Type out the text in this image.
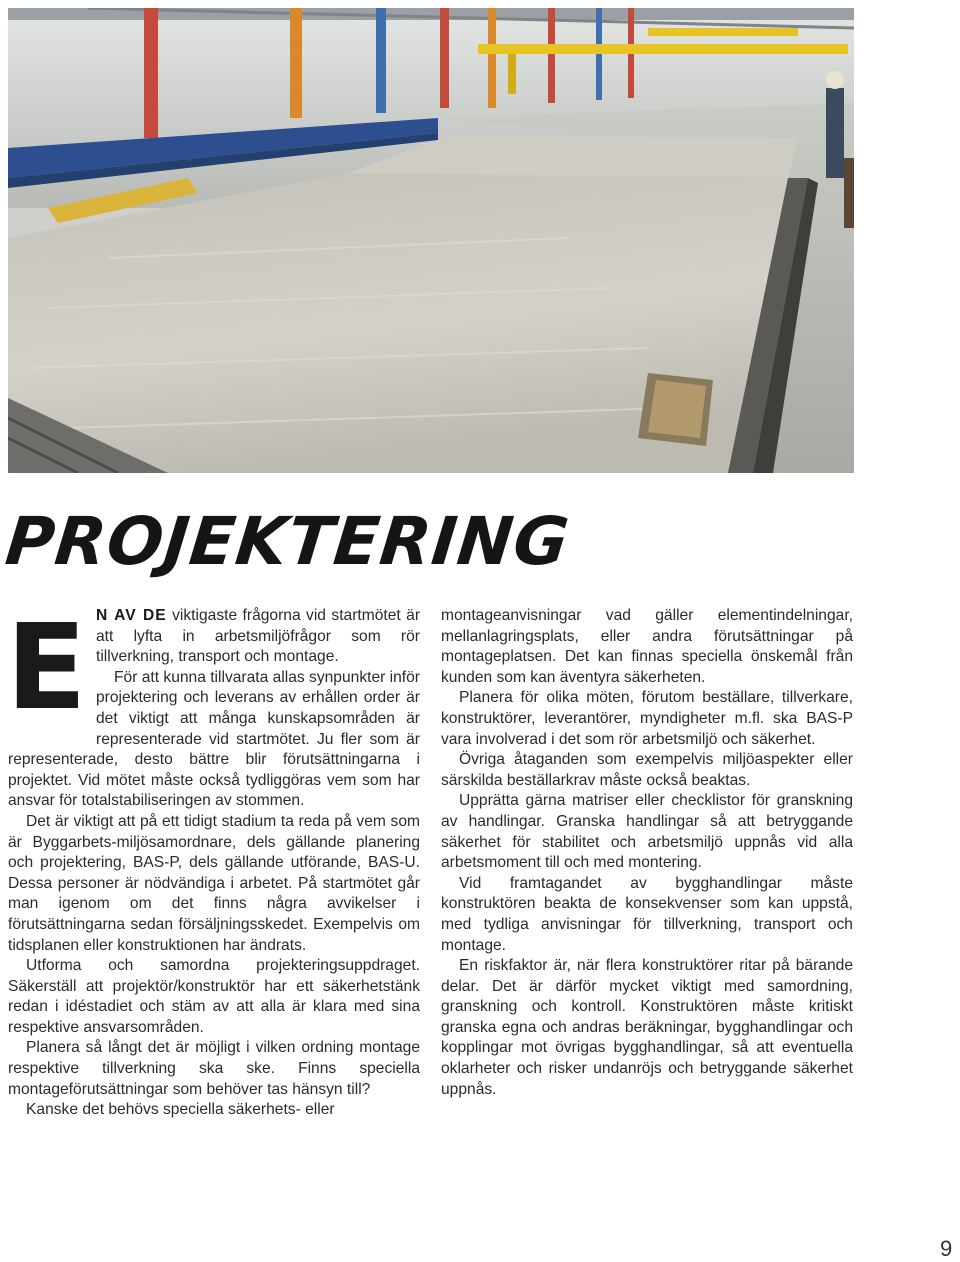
PROJEKTERING

E N AV DE viktigaste frågorna vid startmötet är att lyfta in arbetsmiljöfrågor som rör tillverkning, transport och montage.

För att kunna tillvarata allas synpunkter inför projektering och leverans av erhållen order är det viktigt att många kunskapsområden är representerade vid startmötet. Ju fler som är representerade, desto bättre blir förutsättningarna i projektet. Vid mötet måste också tydliggöras vem som har ansvar för totalstabiliseringen av stommen.

Det är viktigt att på ett tidigt stadium ta reda på vem som är Byggarbets-miljösamordnare, dels gällande planering och projektering, BAS-P, dels gällande utförande, BAS-U. Dessa personer är nödvändiga i arbetet. På startmötet går man igenom om det finns några avvikelser i förutsättningarna sedan försäljningsskedet. Exempelvis om tidsplanen eller konstruktionen har ändrats.

Utforma och samordna projekteringsuppdraget. Säkerställ att projektör/konstruktör har ett säkerhetstänk redan i idéstadiet och stäm av att alla är klara med sina respektive ansvarsområden.

Planera så långt det är möjligt i vilken ordning montage respektive tillverkning ska ske. Finns speciella montageförutsättningar som behöver tas hänsyn till?

Kanske det behövs speciella säkerhets- eller

montageanvisningar vad gäller elementindelningar, mellanlagringsplats, eller andra förutsättningar på montageplatsen. Det kan finnas speciella önskemål från kunden som kan äventyra säkerheten.

Planera för olika möten, förutom beställare, tillverkare, konstruktörer, leverantörer, myndigheter m.fl. ska BAS-P vara involverad i det som rör arbetsmiljö och säkerhet.

Övriga åtaganden som exempelvis miljöaspekter eller särskilda beställarkrav måste också beaktas.

Upprätta gärna matriser eller checklistor för granskning av handlingar. Granska handlingar så att betryggande säkerhet för stabilitet och arbetsmiljö uppnås vid alla arbetsmoment till och med montering.

Vid framtagandet av bygghandlingar måste konstruktören beakta de konsekvenser som kan uppstå, med tydliga anvisningar för tillverkning, transport och montage.

En riskfaktor är, när flera konstruktörer ritar på bärande delar. Det är därför mycket viktigt med samordning, granskning och kontroll. Konstruktören måste kritiskt granska egna och andras beräkningar, bygghandlingar och kopplingar mot övrigas bygghandlingar, så att eventuella oklarheter och risker undanröjs och betryggande säkerhet uppnås.

9
